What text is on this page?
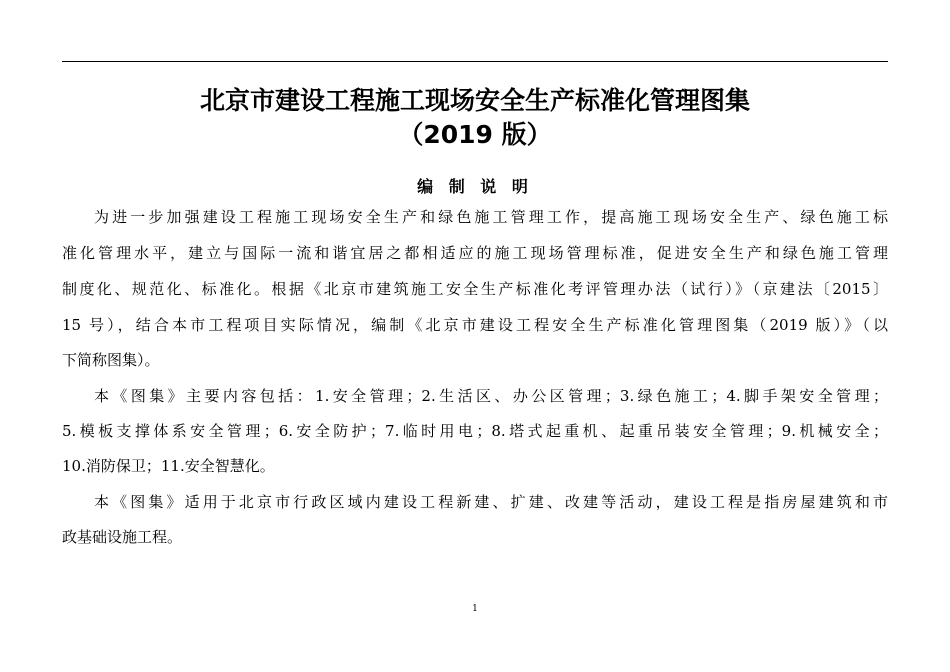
北京市建设工程施工现场安全生产标准化管理图集
（2019 版）
编 制 说 明
为进一步加强建设工程施工现场安全生产和绿色施工管理工作，提高施工现场安全生产、绿色施工标
准化管理水平，建立与国际一流和谐宜居之都相适应的施工现场管理标准，促进安全生产和绿色施工管理
制度化、规范化、标准化。根据《北京市建筑施工安全生产标准化考评管理办法（试行）》（京建法〔2015〕
15 号），结合本市工程项目实际情况，编制《北京市建设工程安全生产标准化管理图集（2019 版）》（以
下简称图集）。
本《图集》主要内容包括：1.安全管理；2.生活区、办公区管理；3.绿色施工；4.脚手架安全管理；
5.模板支撑体系安全管理；6.安全防护；7.临时用电；8.塔式起重机、起重吊装安全管理；9.机械安全；
10.消防保卫；11.安全智慧化。
本《图集》适用于北京市行政区域内建设工程新建、扩建、改建等活动，建设工程是指房屋建筑和市
政基础设施工程。
1
